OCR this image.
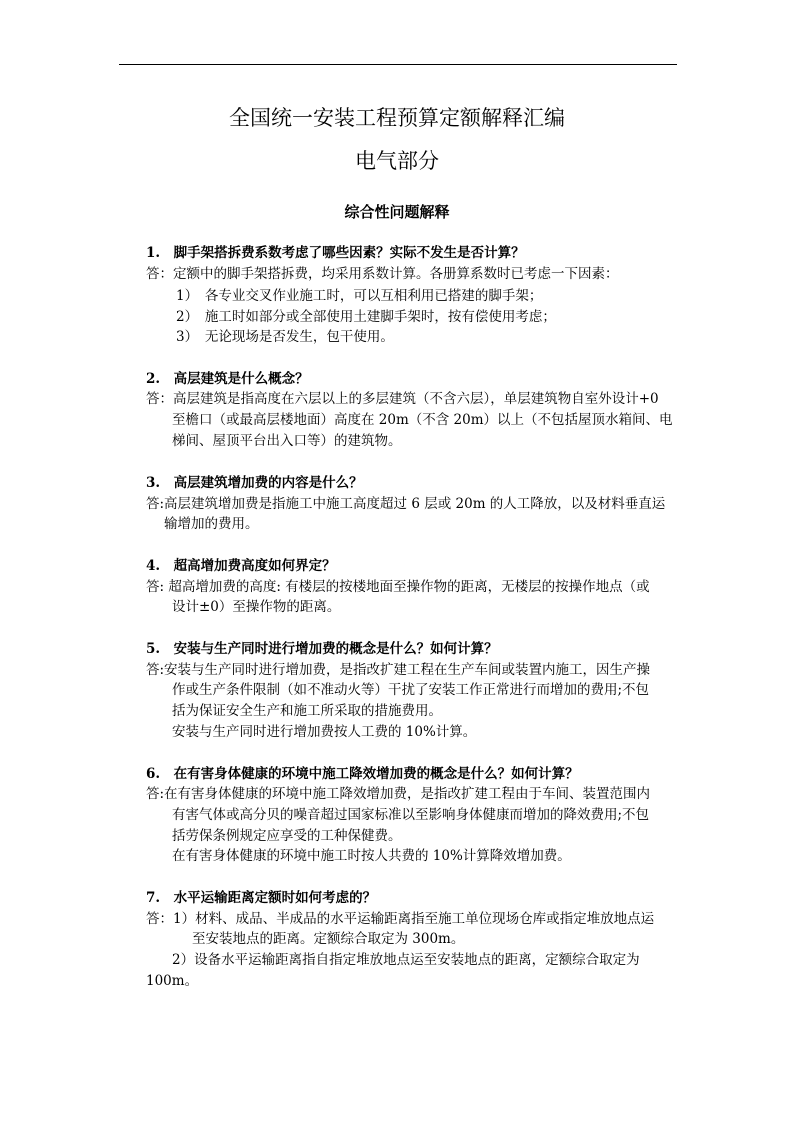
全国统一安装工程预算定额解释汇编
电气部分
综合性问题解释
1.　脚手架搭拆费系数考虑了哪些因素？实际不发生是否计算？
答：定额中的脚手架搭拆费，均采用系数计算。各册算系数时已考虑一下因素：
1）　各专业交叉作业施工时，可以互相利用已搭建的脚手架；
2）　施工时如部分或全部使用土建脚手架时，按有偿使用考虑；
3）　无论现场是否发生，包干使用。
2.　高层建筑是什么概念？
答：高层建筑是指高度在六层以上的多层建筑（不含六层），单层建筑物自室外设计+0
至檐口（或最高层楼地面）高度在 20m（不含 20m）以上（不包括屋顶水箱间、电
梯间、屋顶平台出入口等）的建筑物。
3.　高层建筑增加费的内容是什么？
答:高层建筑增加费是指施工中施工高度超过 6 层或 20m 的人工降放，以及材料垂直运
输增加的费用。
4.　超高增加费高度如何界定？
答: 超高增加费的高度: 有楼层的按楼地面至操作物的距离，无楼层的按操作地点（或
设计±0）至操作物的距离。
5.　安装与生产同时进行增加费的概念是什么？如何计算？
答:安装与生产同时进行增加费，是指改扩建工程在生产车间或装置内施工，因生产操
作或生产条件限制（如不准动火等）干扰了安装工作正常进行而增加的费用;不包
括为保证安全生产和施工所采取的措施费用。
安装与生产同时进行增加费按人工费的 10%计算。
6.　在有害身体健康的环境中施工降效增加费的概念是什么？如何计算？
答:在有害身体健康的环境中施工降效增加费，是指改扩建工程由于车间、装置范围内
有害气体或高分贝的噪音超过国家标准以至影响身体健康而增加的降效费用;不包
括劳保条例规定应享受的工种保健费。
在有害身体健康的环境中施工时按人共费的 10%计算降效增加费。
7.　水平运输距离定额时如何考虑的？
答：1）材料、成品、半成品的水平运输距离指至施工单位现场仓库或指定堆放地点运
至安装地点的距离。定额综合取定为 300m。
2）设备水平运输距离指自指定堆放地点运至安装地点的距离，定额综合取定为
100m。
